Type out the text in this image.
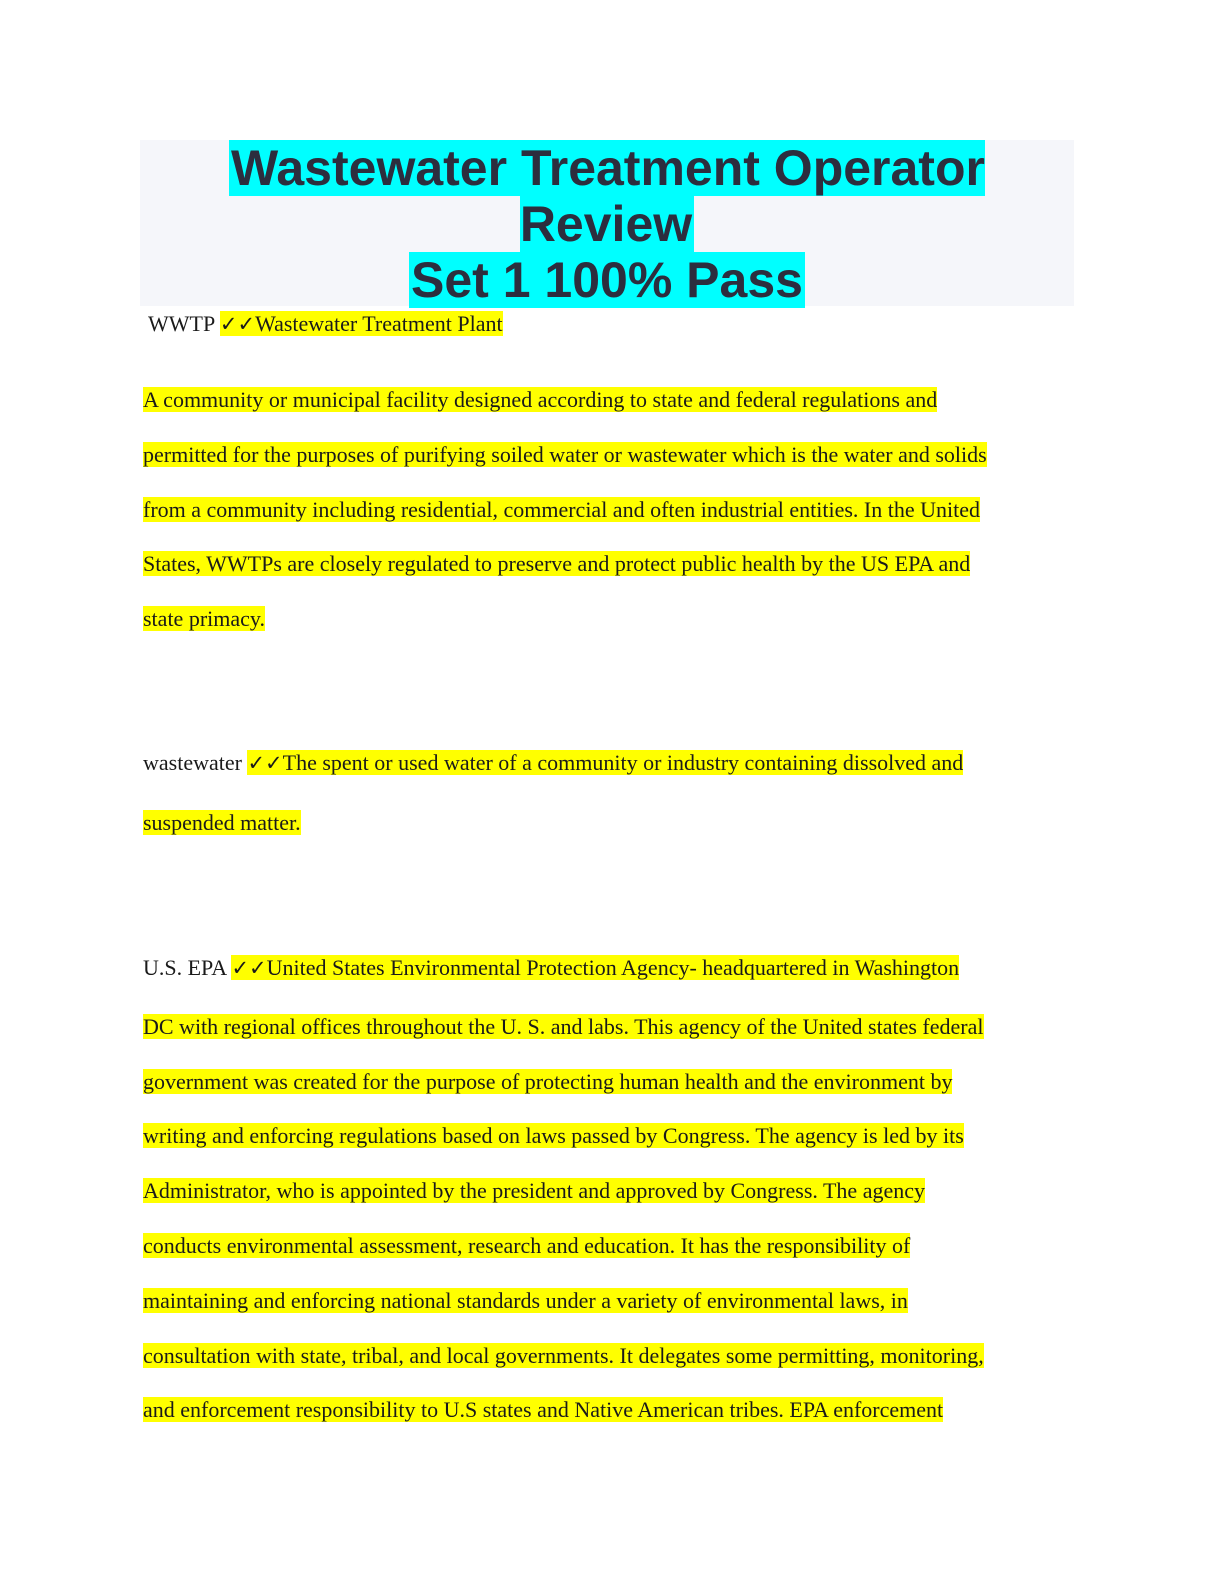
Wastewater Treatment Operator Review
Set 1 100% Pass
WWTP ✓✓Wastewater Treatment Plant
A community or municipal facility designed according to state and federal regulations and
permitted for the purposes of purifying soiled water or wastewater which is the water and solids
from a community including residential, commercial and often industrial entities. In the United
States, WWTPs are closely regulated to preserve and protect public health by the US EPA and
state primacy.
wastewater ✓✓The spent or used water of a community or industry containing dissolved and
suspended matter.
U.S. EPA ✓✓United States Environmental Protection Agency- headquartered in Washington
DC with regional offices throughout the U. S. and labs. This agency of the United states federal
government was created for the purpose of protecting human health and the environment by
writing and enforcing regulations based on laws passed by Congress. The agency is led by its
Administrator, who is appointed by the president and approved by Congress. The agency
conducts environmental assessment, research and education. It has the responsibility of
maintaining and enforcing national standards under a variety of environmental laws, in
consultation with state, tribal, and local governments. It delegates some permitting, monitoring,
and enforcement responsibility to U.S states and Native American tribes. EPA enforcement
